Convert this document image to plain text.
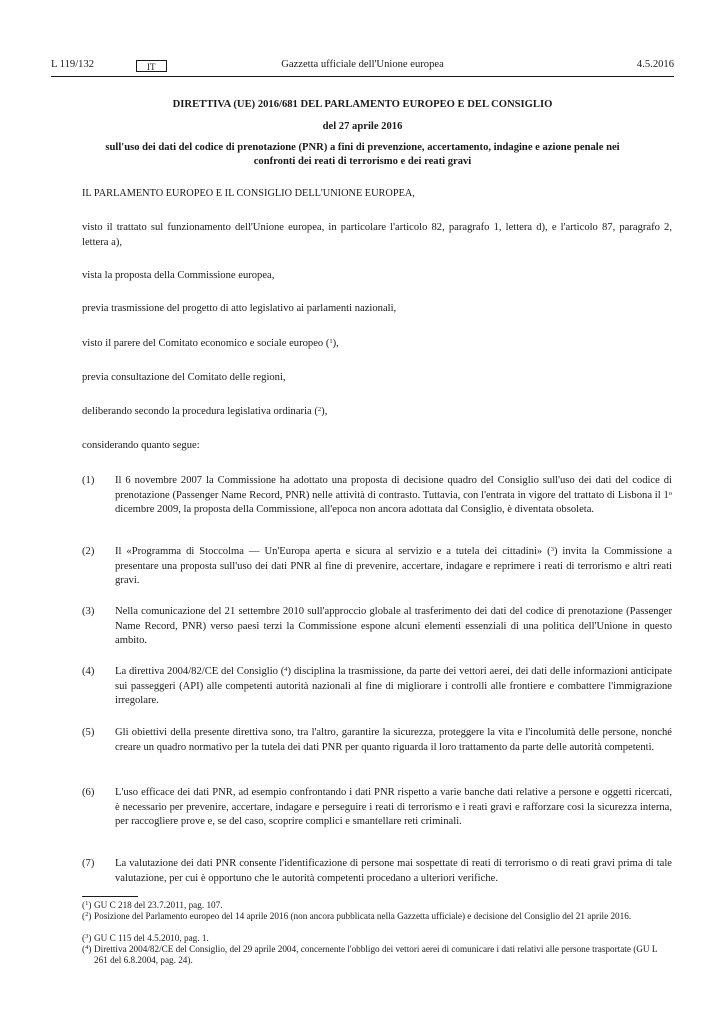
L 119/132	IT	Gazzetta ufficiale dell'Unione europea	4.5.2016
DIRETTIVA (UE) 2016/681 DEL PARLAMENTO EUROPEO E DEL CONSIGLIO
del 27 aprile 2016
sull'uso dei dati del codice di prenotazione (PNR) a fini di prevenzione, accertamento, indagine e azione penale nei confronti dei reati di terrorismo e dei reati gravi
IL PARLAMENTO EUROPEO E IL CONSIGLIO DELL'UNIONE EUROPEA,
visto il trattato sul funzionamento dell'Unione europea, in particolare l'articolo 82, paragrafo 1, lettera d), e l'articolo 87, paragrafo 2, lettera a),
vista la proposta della Commissione europea,
previa trasmissione del progetto di atto legislativo ai parlamenti nazionali,
visto il parere del Comitato economico e sociale europeo ($^1$),
previa consultazione del Comitato delle regioni,
deliberando secondo la procedura legislativa ordinaria ($^2$),
considerando quanto segue:
(1) Il 6 novembre 2007 la Commissione ha adottato una proposta di decisione quadro del Consiglio sull'uso dei dati del codice di prenotazione (Passenger Name Record, PNR) nelle attività di contrasto. Tuttavia, con l'entrata in vigore del trattato di Lisbona il 1$^o$ dicembre 2009, la proposta della Commissione, all'epoca non ancora adottata dal Consiglio, è diventata obsoleta.
(2) Il «Programma di Stoccolma — Un'Europa aperta e sicura al servizio e a tutela dei cittadini» ($^3$) invita la Commissione a presentare una proposta sull'uso dei dati PNR al fine di prevenire, accertare, indagare e reprimere i reati di terrorismo e altri reati gravi.
(3) Nella comunicazione del 21 settembre 2010 sull'approccio globale al trasferimento dei dati del codice di prenotazione (Passenger Name Record, PNR) verso paesi terzi la Commissione espone alcuni elementi essenziali di una politica dell'Unione in questo ambito.
(4) La direttiva 2004/82/CE del Consiglio ($^4$) disciplina la trasmissione, da parte dei vettori aerei, dei dati delle informazioni anticipate sui passeggeri (API) alle competenti autorità nazionali al fine di migliorare i controlli alle frontiere e combattere l'immigrazione irregolare.
(5) Gli obiettivi della presente direttiva sono, tra l'altro, garantire la sicurezza, proteggere la vita e l'incolumità delle persone, nonché creare un quadro normativo per la tutela dei dati PNR per quanto riguarda il loro trattamento da parte delle autorità competenti.
(6) L'uso efficace dei dati PNR, ad esempio confrontando i dati PNR rispetto a varie banche dati relative a persone e oggetti ricercati, è necessario per prevenire, accertare, indagare e perseguire i reati di terrorismo e i reati gravi e rafforzare così la sicurezza interna, per raccogliere prove e, se del caso, scoprire complici e smantellare reti criminali.
(7) La valutazione dei dati PNR consente l'identificazione di persone mai sospettate di reati di terrorismo o di reati gravi prima di tale valutazione, per cui è opportuno che le autorità competenti procedano a ulteriori verifiche.
($^1$) GU C 218 del 23.7.2011, pag. 107.
($^2$) Posizione del Parlamento europeo del 14 aprile 2016 (non ancora pubblicata nella Gazzetta ufficiale) e decisione del Consiglio del 21 aprile 2016.
($^3$) GU C 115 del 4.5.2010, pag. 1.
($^4$) Direttiva 2004/82/CE del Consiglio, del 29 aprile 2004, concernente l'obbligo dei vettori aerei di comunicare i dati relativi alle persone trasportate (GU L 261 del 6.8.2004, pag. 24).
